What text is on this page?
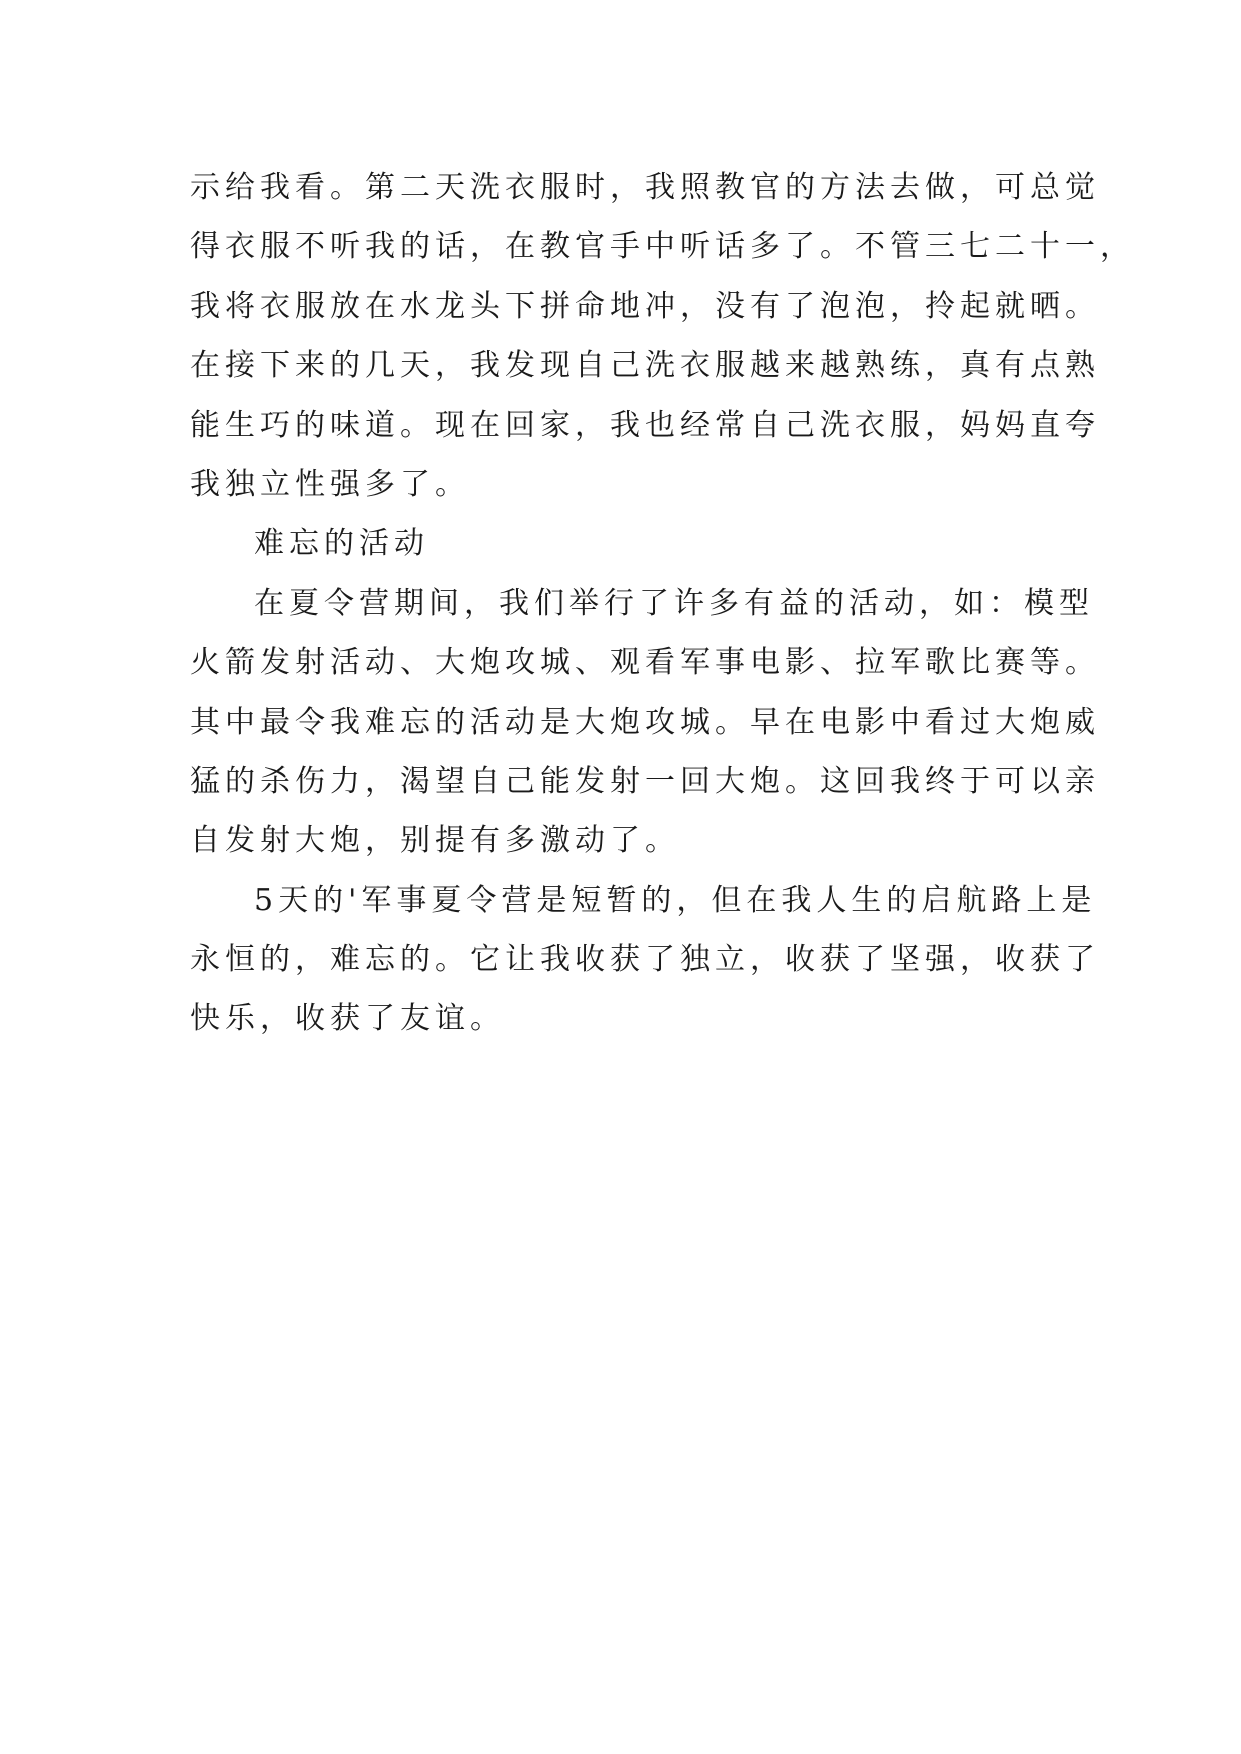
示给我看。第二天洗衣服时，我照教官的方法去做，可总觉
得衣服不听我的话，在教官手中听话多了。不管三七二十一，
我将衣服放在水龙头下拼命地冲，没有了泡泡，拎起就晒。
在接下来的几天，我发现自己洗衣服越来越熟练，真有点熟
能生巧的味道。现在回家，我也经常自己洗衣服，妈妈直夸
我独立性强多了。
难忘的活动
在夏令营期间，我们举行了许多有益的活动，如：模型
火箭发射活动、大炮攻城、观看军事电影、拉军歌比赛等。
其中最令我难忘的活动是大炮攻城。早在电影中看过大炮威
猛的杀伤力，渴望自己能发射一回大炮。这回我终于可以亲
自发射大炮，别提有多激动了。
5天的'军事夏令营是短暂的，但在我人生的启航路上是
永恒的，难忘的。它让我收获了独立，收获了坚强，收获了
快乐，收获了友谊。
